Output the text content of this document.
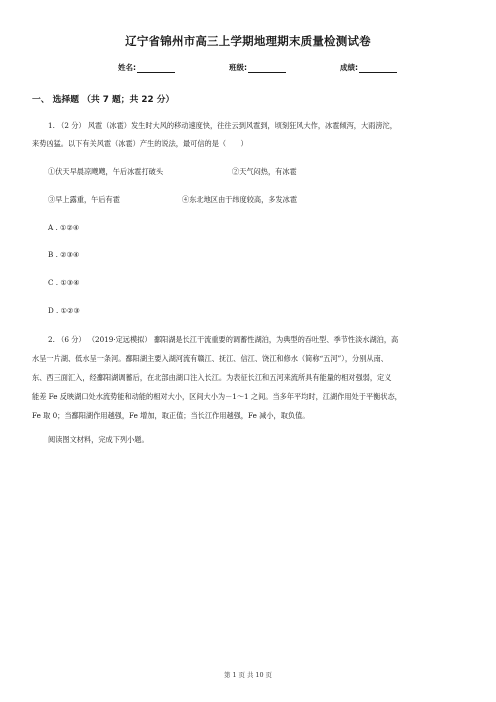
辽宁省锦州市高三上学期地理期末质量检测试卷
姓名:	班级:	成绩:
一、 选择题 （共 7 题；共 22 分）
1. （2 分） 风雹（冰雹）发生时大风的移动速度快，往往云到风雹到，顷刻狂风大作，冰雹倾泻，大雨滂沱，
来势凶猛。以下有关风雹（冰雹）产生的说法，最可信的是（　　）
①伏天早晨凉飕飕，午后冰雹打破头	②天气闷热，有冰雹
③早上露重，午后有雹	④东北地区由于纬度较高，多发冰雹
A . ①②④
B . ②③④
C . ①③④
D . ①②③
2. （6 分） （2019·定远模拟） 鄱阳湖是长江干流重要的调蓄性湖泊，为典型的吞吐型、季节性淡水湖泊，高
水呈一片湖、低水呈一条河。鄱阳湖主要入湖河流有赣江、抚江、信江、饶江和修水（简称“五河”），分别从南、
东、西三面汇入，经鄱阳湖调蓄后，在北部由湖口注入长江。为表征长江和五河来流所具有能量的相对强弱，定义
能差 Fe 反映湖口处水流势能和动能的相对大小，区间大小为－1～1 之间。当多年平均时，江湖作用处于平衡状态，
Fe 取 0；当鄱阳湖作用越强，Fe 增加，取正值；当长江作用越强，Fe 减小，取负值。
阅读图文材料，完成下列小题。
第 1 页 共 10 页
